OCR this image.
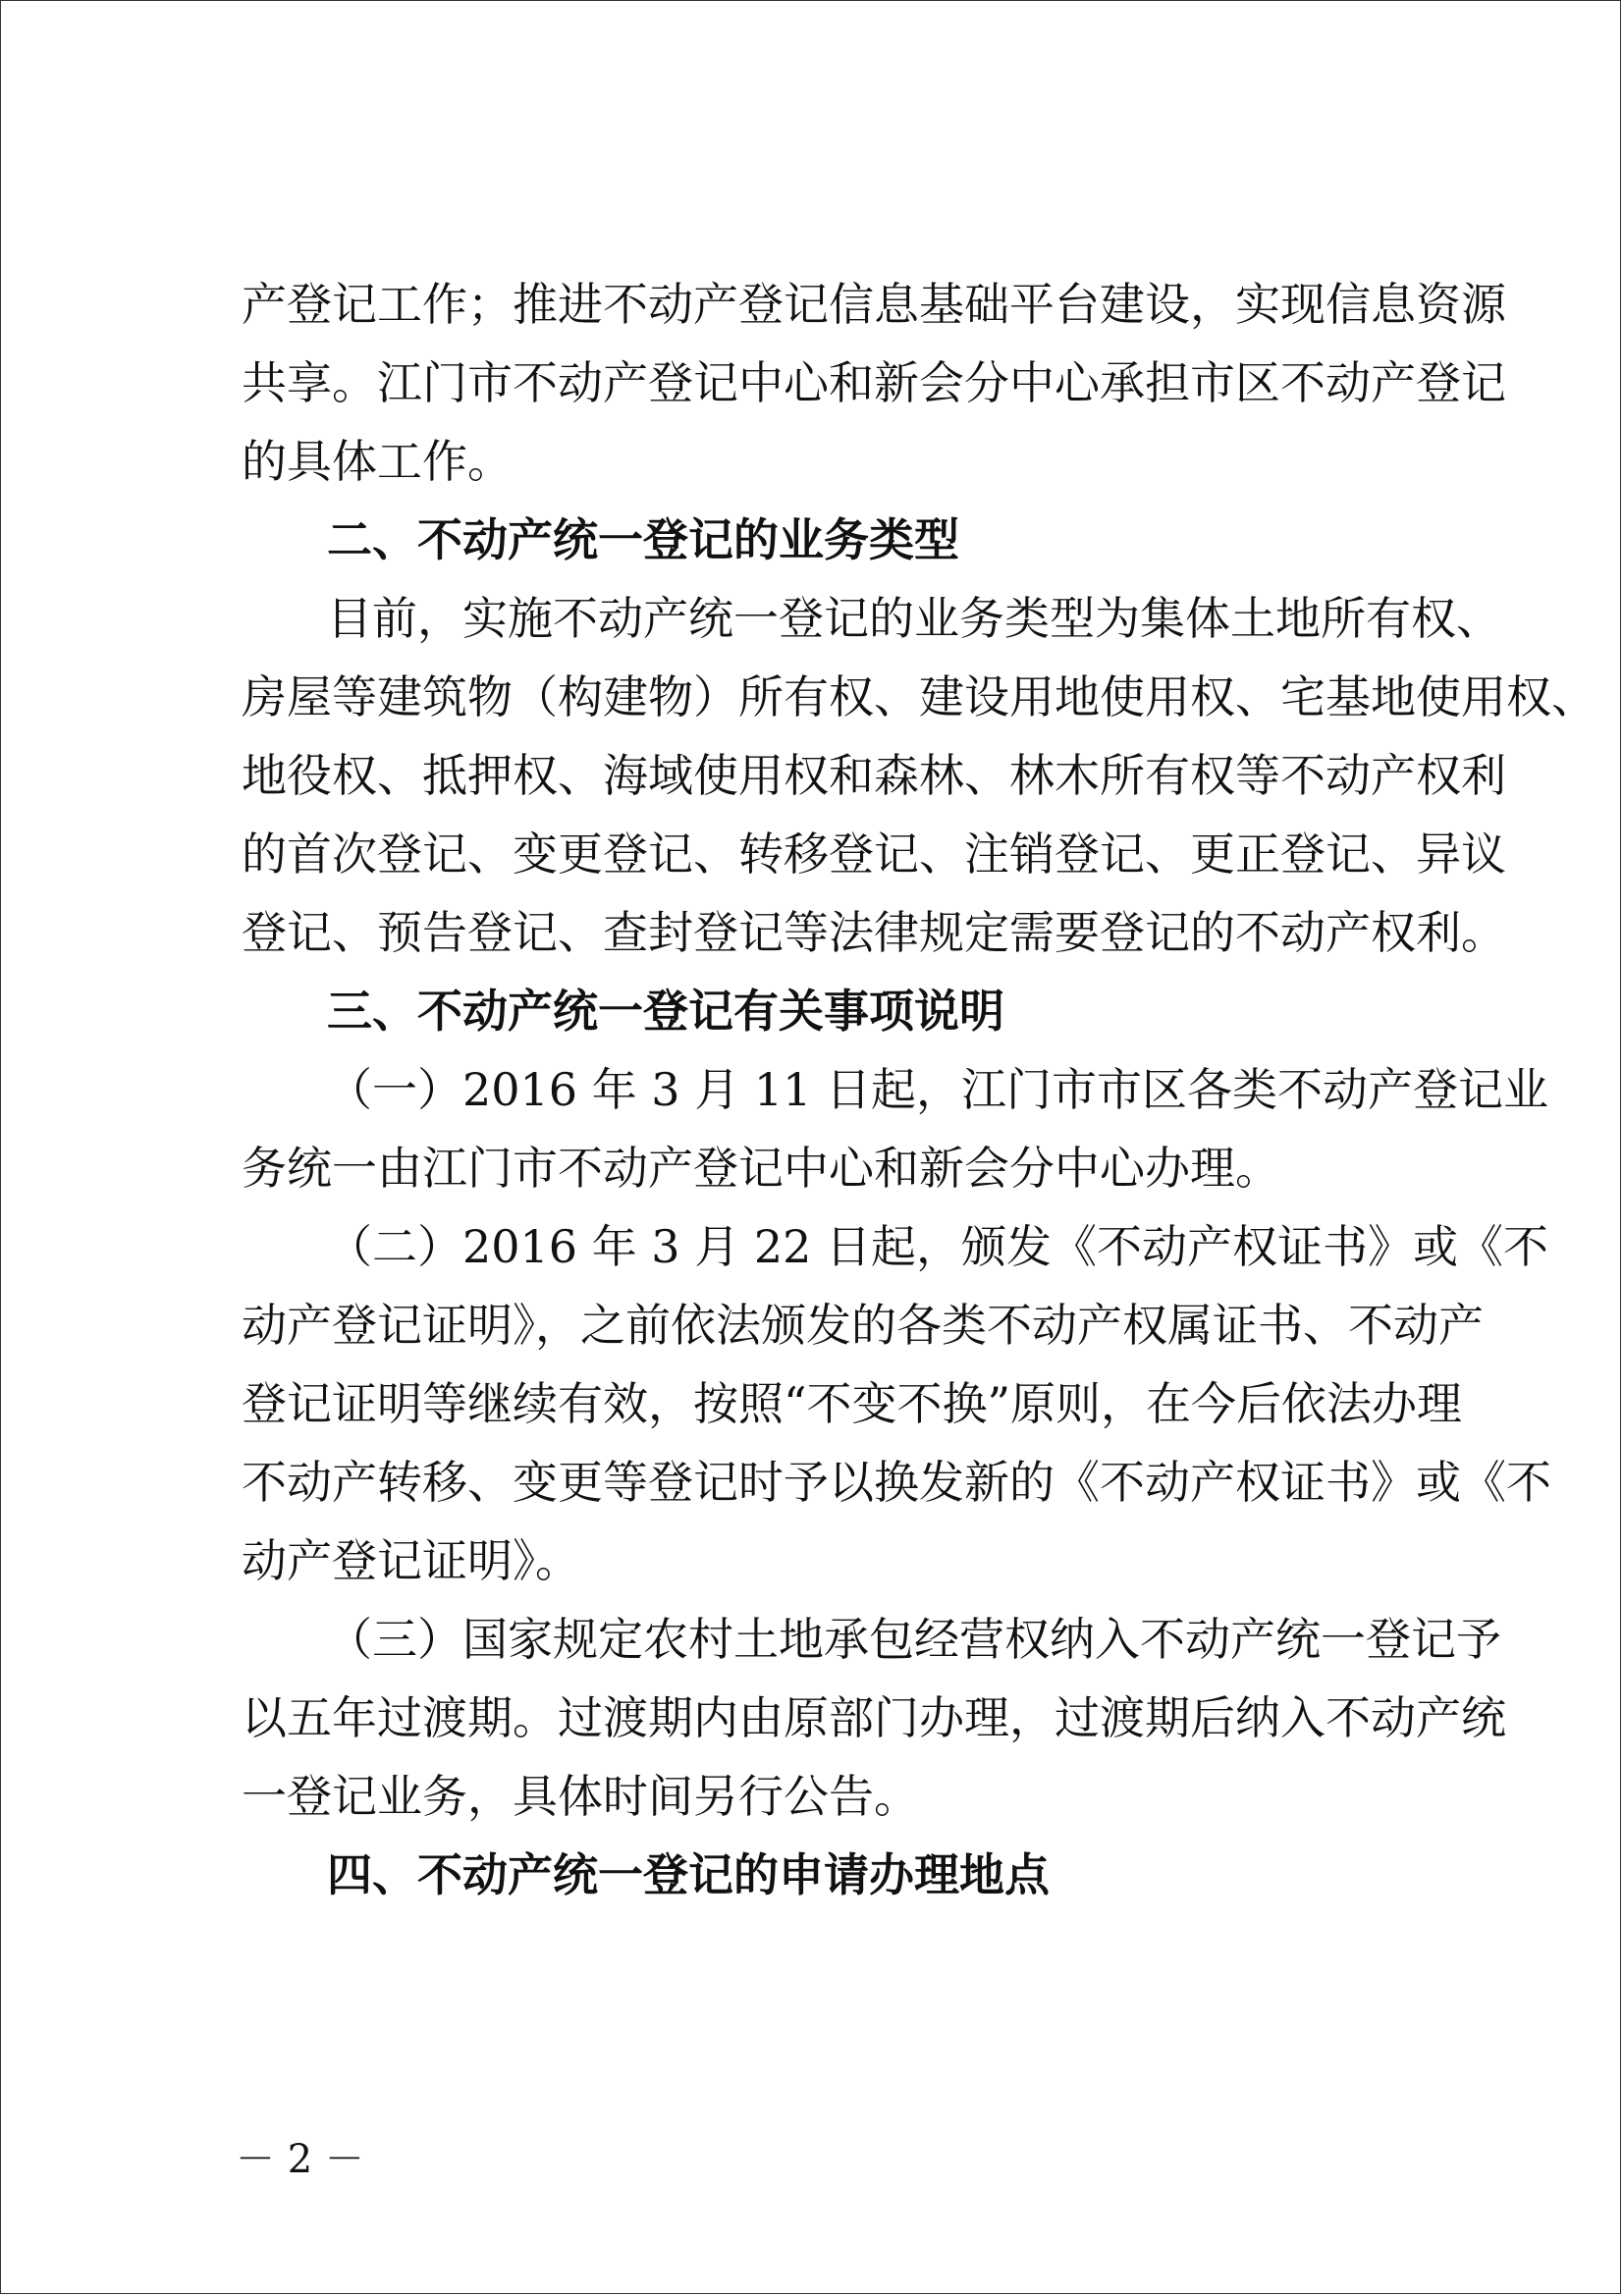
产登记工作；推进不动产登记信息基础平台建设，实现信息资源
共享。江门市不动产登记中心和新会分中心承担市区不动产登记
的具体工作。
二、不动产统一登记的业务类型
目前，实施不动产统一登记的业务类型为集体土地所有权、
房屋等建筑物（构建物）所有权、建设用地使用权、宅基地使用权、
地役权、抵押权、海域使用权和森林、林木所有权等不动产权利
的首次登记、变更登记、转移登记、注销登记、更正登记、异议
登记、预告登记、查封登记等法律规定需要登记的不动产权利。
三、不动产统一登记有关事项说明
（一）2016 年 3 月 11 日起，江门市市区各类不动产登记业
务统一由江门市不动产登记中心和新会分中心办理。
（二）2016 年 3 月 22 日起，颁发《不动产权证书》或《不
动产登记证明》，之前依法颁发的各类不动产权属证书、不动产
登记证明等继续有效，按照“不变不换”原则，在今后依法办理
不动产转移、变更等登记时予以换发新的《不动产权证书》或《不
动产登记证明》。
（三）国家规定农村土地承包经营权纳入不动产统一登记予
以五年过渡期。过渡期内由原部门办理，过渡期后纳入不动产统
一登记业务，具体时间另行公告。
四、不动产统一登记的申请办理地点
－ 2 －
